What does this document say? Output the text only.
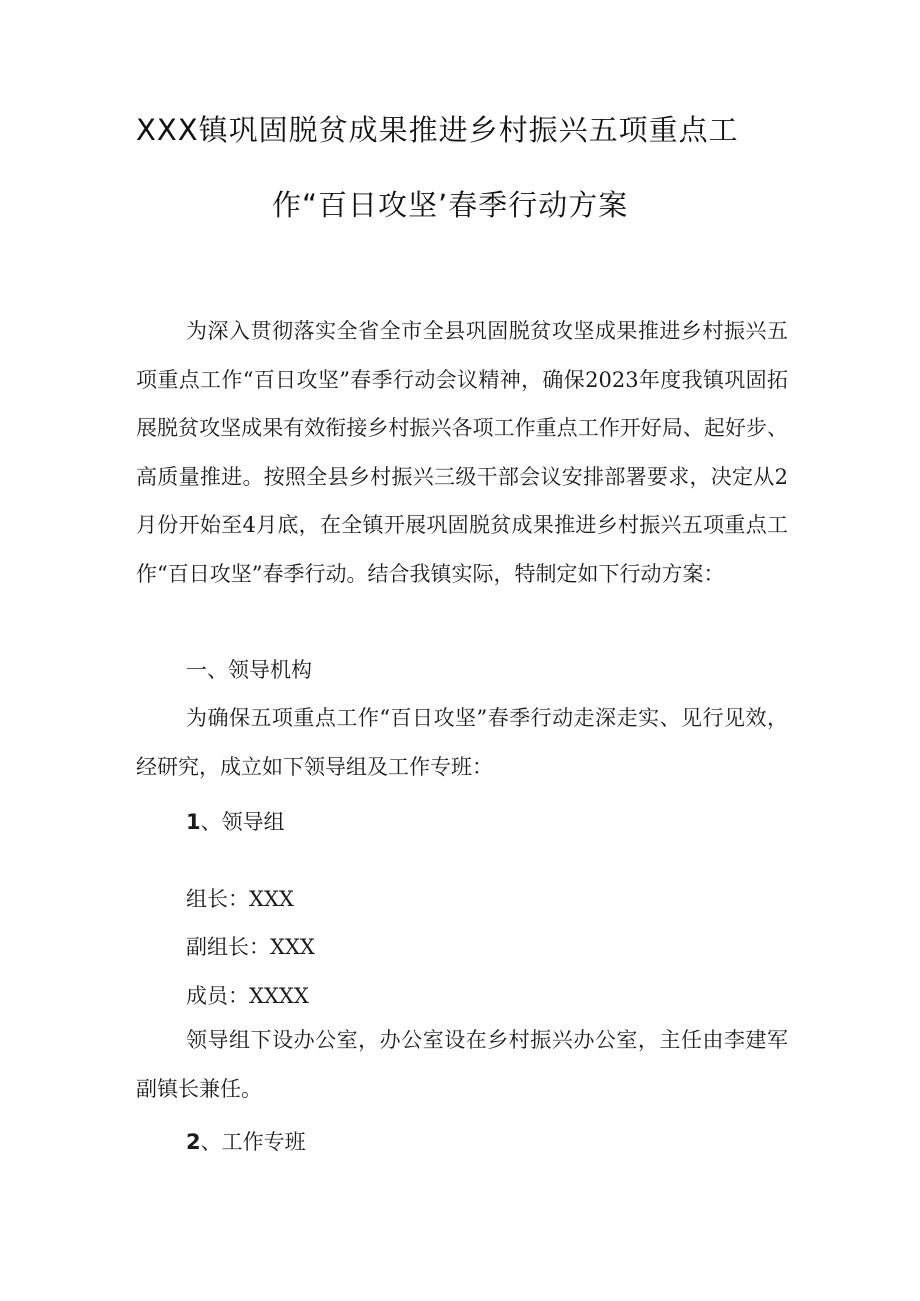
XXX镇巩固脱贫成果推进乡村振兴五项重点工
作“百日攻坚’春季行动方案
为深入贯彻落实全省全市全县巩固脱贫攻坚成果推进乡村振兴五项重点工作“百日攻坚”春季行动会议精神，确保2023年度我镇巩固拓展脱贫攻坚成果有效衔接乡村振兴各项工作重点工作开好局、起好步、高质量推进。按照全县乡村振兴三级干部会议安排部署要求，决定从2月份开始至4月底，在全镇开展巩固脱贫成果推进乡村振兴五项重点工作“百日攻坚”春季行动。结合我镇实际，特制定如下行动方案：
一、领导机构
为确保五项重点工作“百日攻坚”春季行动走深走实、见行见效，经研究，成立如下领导组及工作专班：
1、领导组
组长：XXX
副组长：XXX
成员：XXXX
领导组下设办公室，办公室设在乡村振兴办公室，主任由李建军副镇长兼任。
2、工作专班
